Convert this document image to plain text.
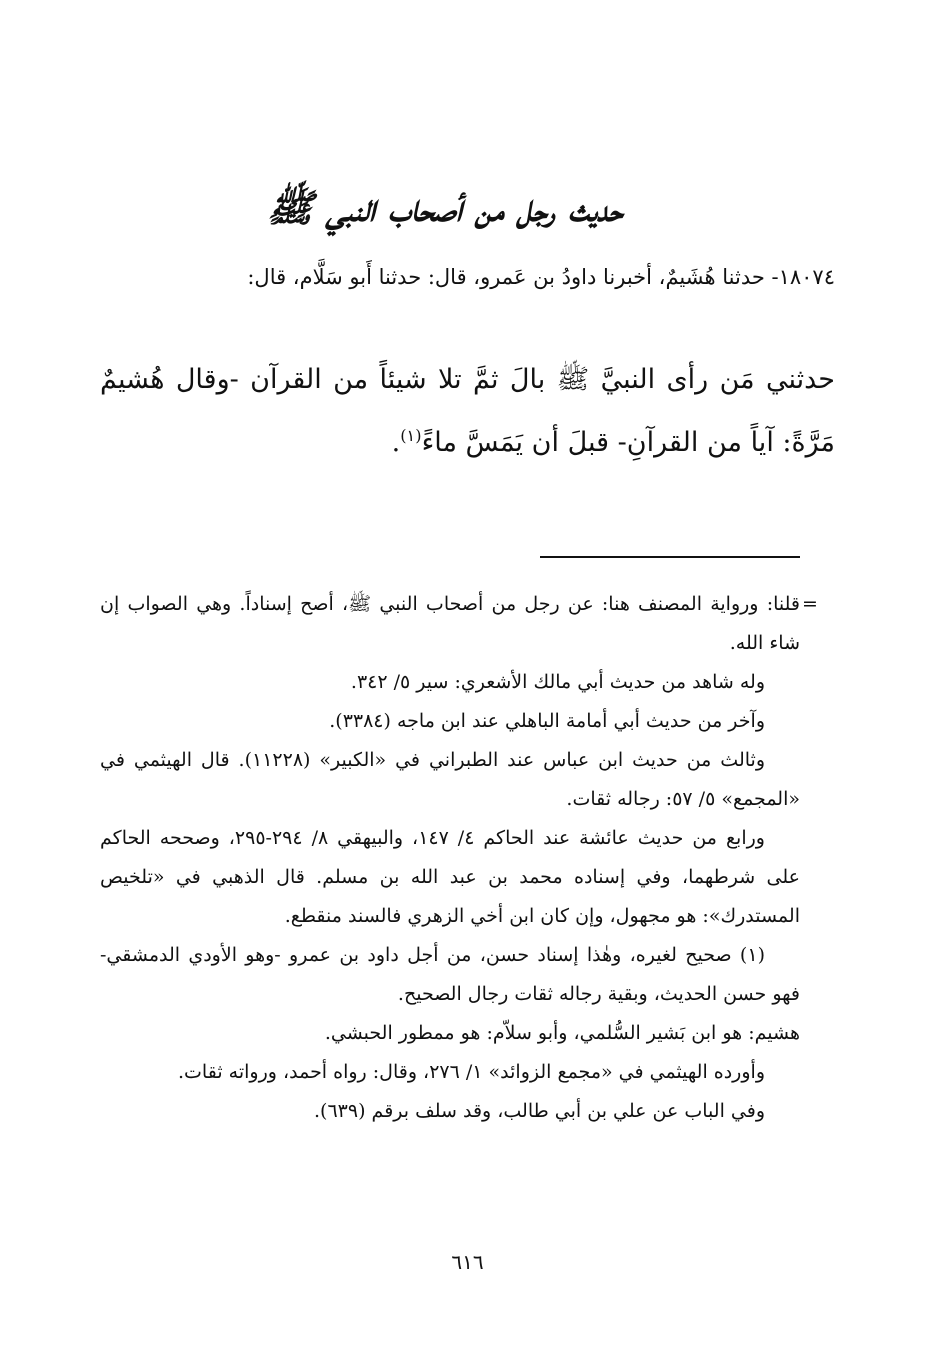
حديث رجل من أصحاب النبي ﷺ
١٨٠٧٤- حدثنا هُشَيمٌ، أخبرنا داودُ بن عَمرو، قال: حدثنا أَبو سَلَّام، قال:
حدثني مَن رأى النبيَّ ﷺ بالَ ثمَّ تلا شيئاً من القرآن -وقال هُشيمٌ مَرَّةً: آياً من القرآنِ- قبلَ أن يَمَسَّ ماءً$^{(١)}$.
=

قلنا: ورواية المصنف هنا: عن رجل من أصحاب النبي ﷺ، أصح إسناداً. وهي الصواب إن شاء الله.

وله شاهد من حديث أبي مالك الأشعري: سير ٥/ ٣٤٢.

وآخر من حديث أبي أمامة الباهلي عند ابن ماجه (٣٣٨٤).

وثالث من حديث ابن عباس عند الطبراني في «الكبير» (١١٢٢٨). قال الهيثمي في «المجمع» ٥/ ٥٧: رجاله ثقات.

ورابع من حديث عائشة عند الحاكم ٤/ ١٤٧، والبيهقي ٨/ ٢٩٤-٢٩٥، وصححه الحاكم على شرطهما، وفي إسناده محمد بن عبد الله بن مسلم. قال الذهبي في «تلخيص المستدرك»: هو مجهول، وإن كان ابن أخي الزهري فالسند منقطع.

(١) صحيح لغيره، وهٰذا إسناد حسن، من أجل داود بن عمرو -وهو الأودي الدمشقي- فهو حسن الحديث، وبقية رجاله ثقات رجال الصحيح.

هشيم: هو ابن بَشير السُّلمي، وأبو سلاّم: هو ممطور الحبشي.

وأورده الهيثمي في «مجمع الزوائد» ١/ ٢٧٦، وقال: رواه أحمد، ورواته ثقات.

وفي الباب عن علي بن أبي طالب، وقد سلف برقم (٦٣٩).

٦١٦
